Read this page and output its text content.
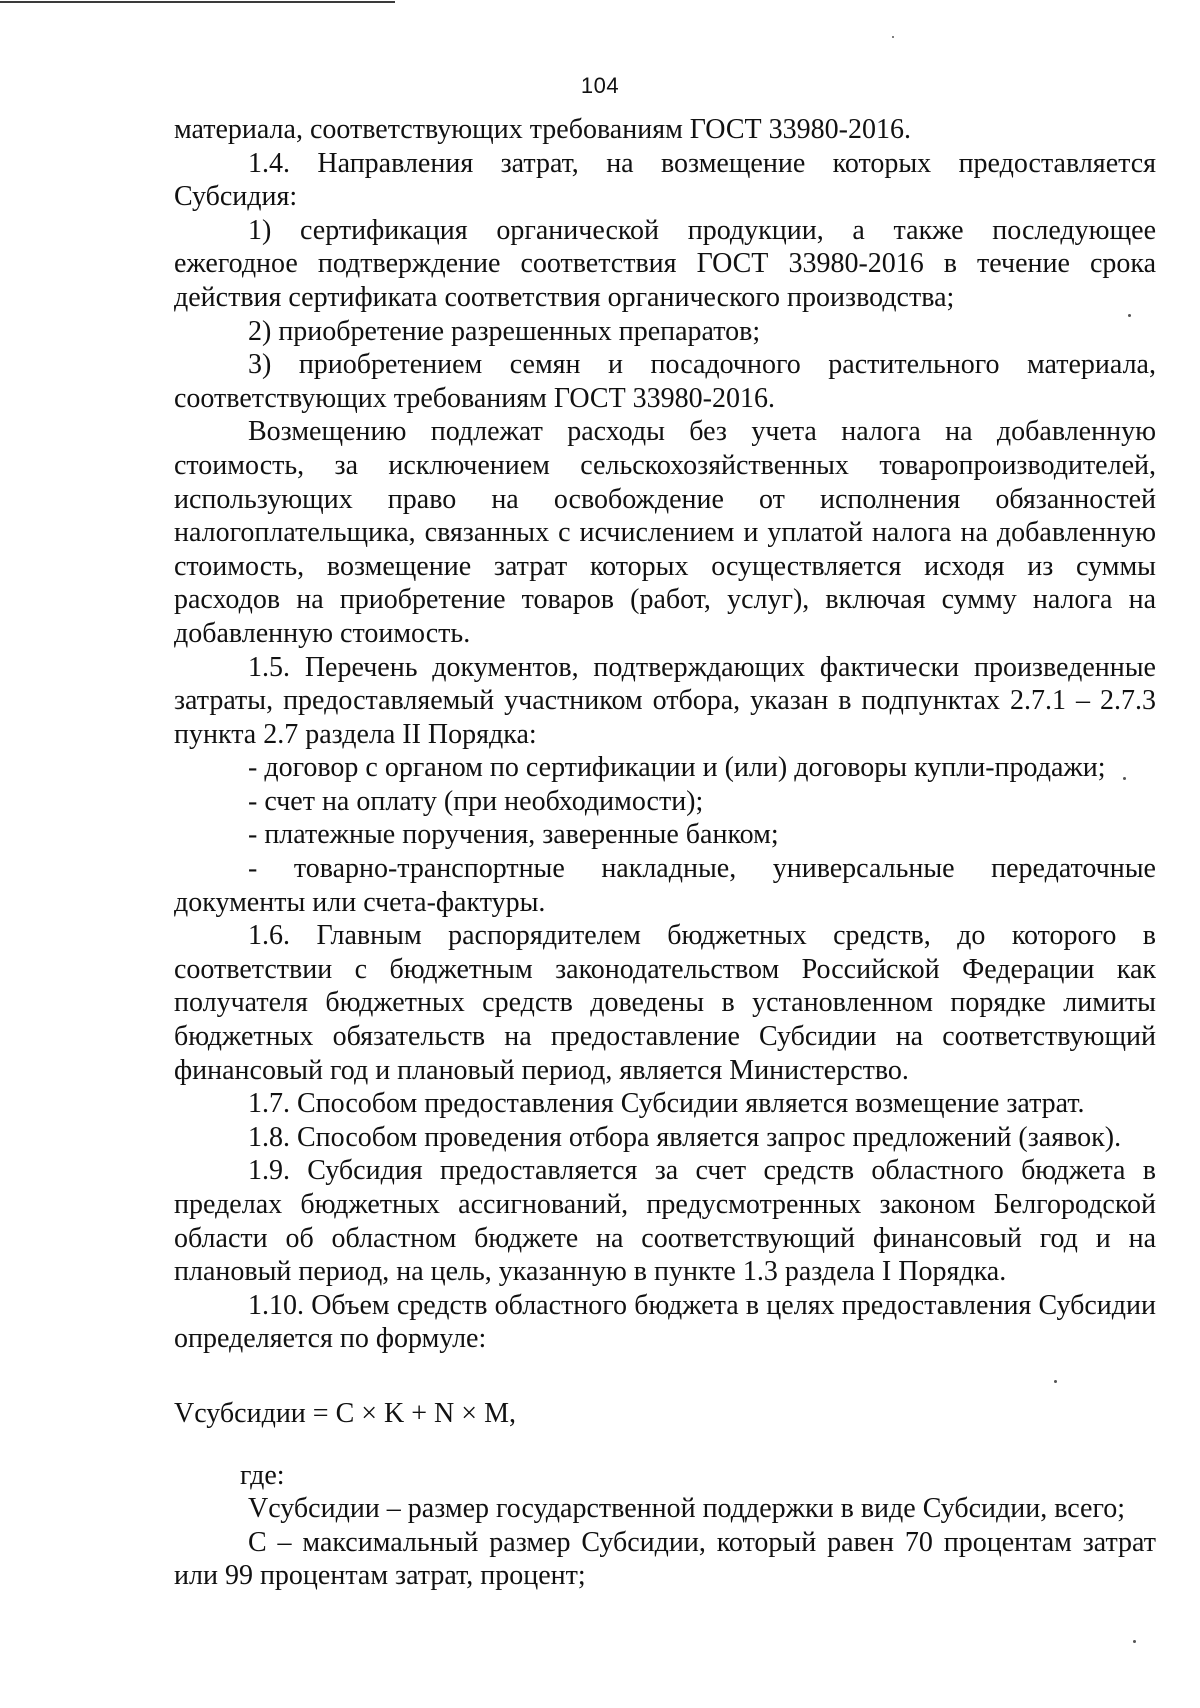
104

материала, соответствующих требованиям ГОСТ 33980-2016.

1.4. Направления затрат, на возмещение которых предоставляется Субсидия:

1) сертификация органической продукции, а также последующее ежегодное подтверждение соответствия ГОСТ 33980-2016 в течение срока действия сертификата соответствия органического производства;

2) приобретение разрешенных препаратов;

3) приобретением семян и посадочного растительного материала, соответствующих требованиям ГОСТ 33980-2016.

Возмещению подлежат расходы без учета налога на добавленную стоимость, за исключением сельскохозяйственных товаропроизводителей, использующих право на освобождение от исполнения обязанностей налогоплательщика, связанных с исчислением и уплатой налога на добавленную стоимость, возмещение затрат которых осуществляется исходя из суммы расходов на приобретение товаров (работ, услуг), включая сумму налога на добавленную стоимость.

1.5. Перечень документов, подтверждающих фактически произведенные затраты, предоставляемый участником отбора, указан в подпунктах 2.7.1 – 2.7.3 пункта 2.7 раздела II Порядка:

- договор с органом по сертификации и (или) договоры купли-продажи;

- счет на оплату (при необходимости);

- платежные поручения, заверенные банком;

- товарно-транспортные накладные, универсальные передаточные документы или счета-фактуры.

1.6. Главным распорядителем бюджетных средств, до которого в соответствии с бюджетным законодательством Российской Федерации как получателя бюджетных средств доведены в установленном порядке лимиты бюджетных обязательств на предоставление Субсидии на соответствующий финансовый год и плановый период, является Министерство.

1.7. Способом предоставления Субсидии является возмещение затрат.

1.8. Способом проведения отбора является запрос предложений (заявок).

1.9. Субсидия предоставляется за счет средств областного бюджета в пределах бюджетных ассигнований, предусмотренных законом Белгородской области об областном бюджете на соответствующий финансовый год и на плановый период, на цель, указанную в пункте 1.3 раздела I Порядка.

1.10. Объем средств областного бюджета в целях предоставления Субсидии определяется по формуле:

Vсубсидии = C × K + N × M,

где:

Vсубсидии – размер государственной поддержки в виде Субсидии, всего;

C – максимальный размер Субсидии, который равен 70 процентам затрат или 99 процентам затрат, процент;
